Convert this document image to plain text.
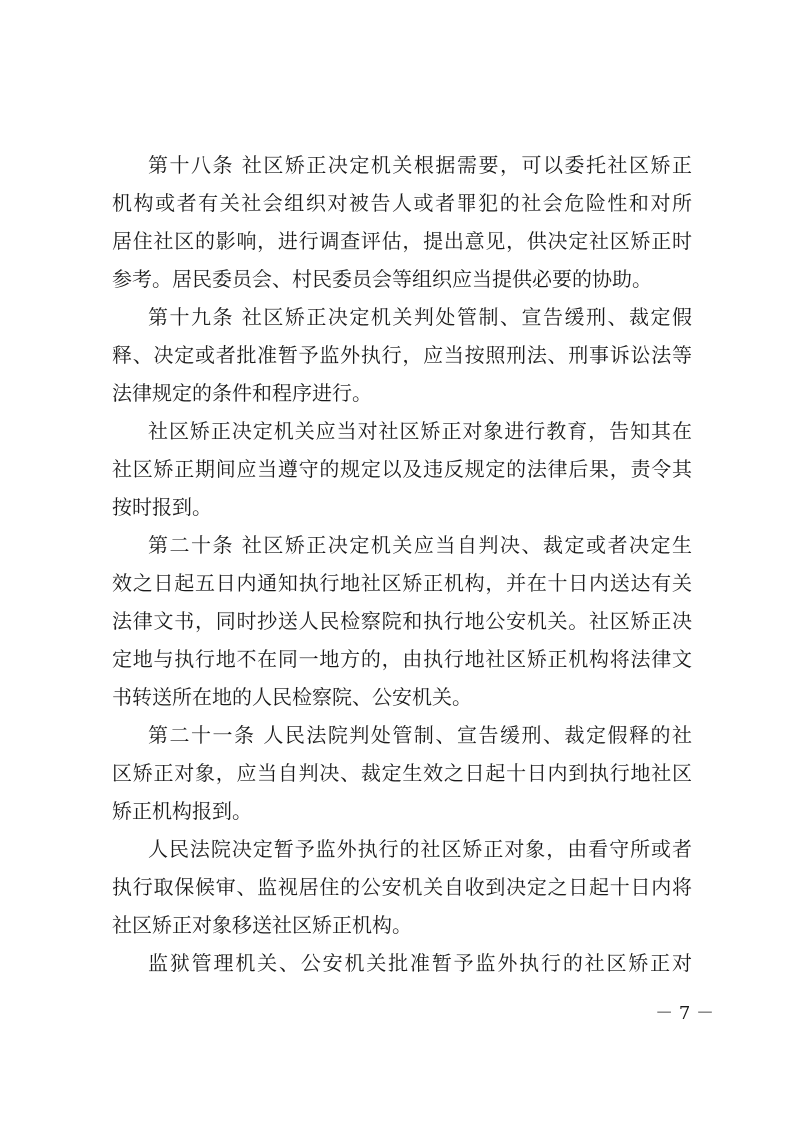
第十八条 社区矫正决定机关根据需要，可以委托社区矫正
机构或者有关社会组织对被告人或者罪犯的社会危险性和对所
居住社区的影响，进行调查评估，提出意见，供决定社区矫正时
参考。居民委员会、村民委员会等组织应当提供必要的协助。
第十九条 社区矫正决定机关判处管制、宣告缓刑、裁定假
释、决定或者批准暂予监外执行，应当按照刑法、刑事诉讼法等
法律规定的条件和程序进行。
社区矫正决定机关应当对社区矫正对象进行教育，告知其在
社区矫正期间应当遵守的规定以及违反规定的法律后果，责令其
按时报到。
第二十条 社区矫正决定机关应当自判决、裁定或者决定生
效之日起五日内通知执行地社区矫正机构，并在十日内送达有关
法律文书，同时抄送人民检察院和执行地公安机关。社区矫正决
定地与执行地不在同一地方的，由执行地社区矫正机构将法律文
书转送所在地的人民检察院、公安机关。
第二十一条 人民法院判处管制、宣告缓刑、裁定假释的社
区矫正对象，应当自判决、裁定生效之日起十日内到执行地社区
矫正机构报到。
人民法院决定暂予监外执行的社区矫正对象，由看守所或者
执行取保候审、监视居住的公安机关自收到决定之日起十日内将
社区矫正对象移送社区矫正机构。
监狱管理机关、公安机关批准暂予监外执行的社区矫正对
－ 7 －
